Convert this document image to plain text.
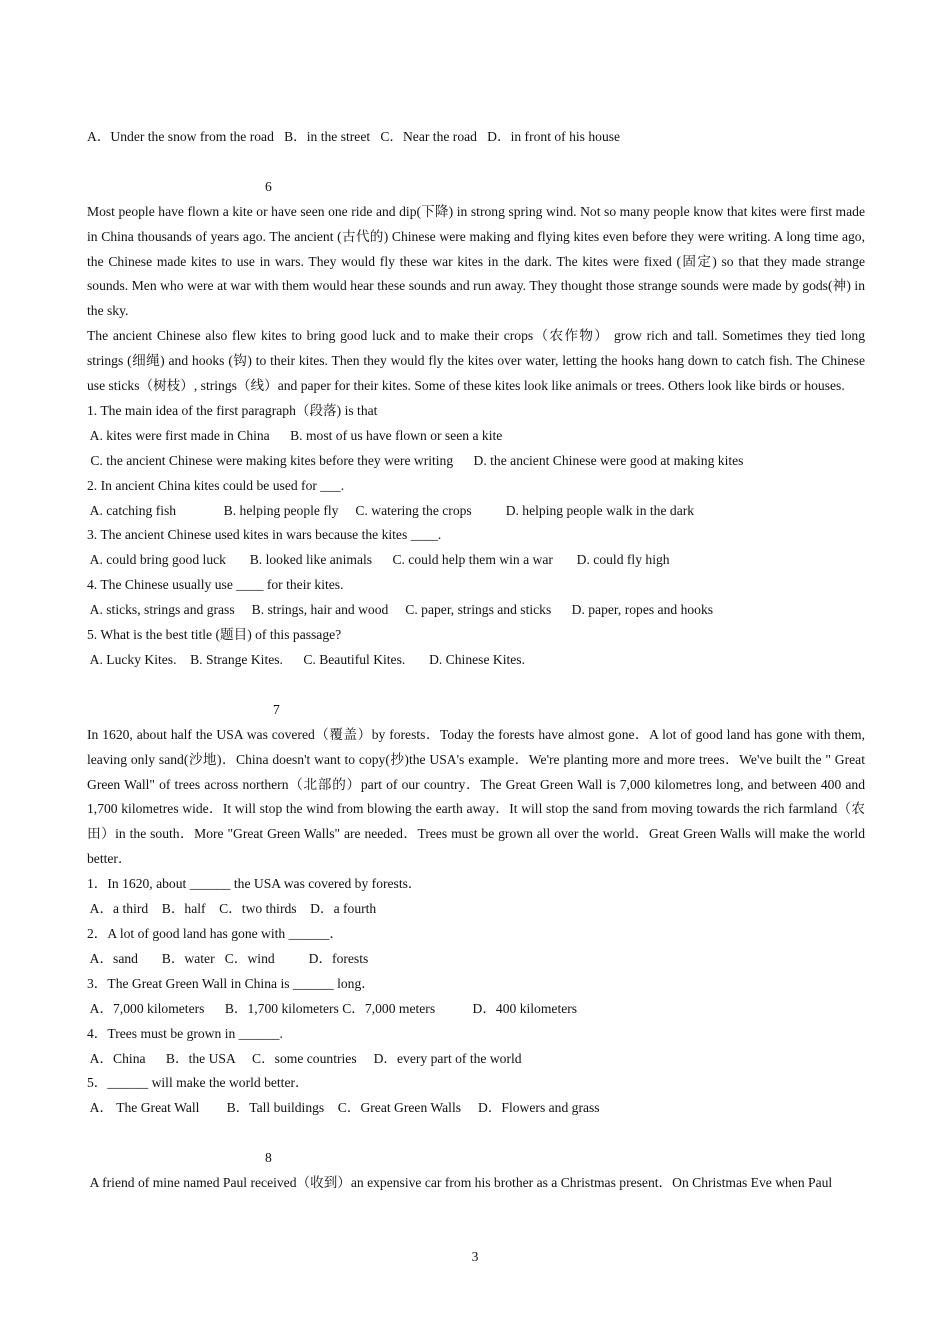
A．Under the snow from the road   B．in the street   C．Near the road   D．in front of his house
6
Most people have flown a kite or have seen one ride and dip(下降) in strong spring wind. Not so many people know that kites were first made in China thousands of years ago. The ancient (古代的) Chinese were making and flying kites even before they were writing. A long time ago, the Chinese made kites to use in wars. They would fly these war kites in the dark. The kites were fixed (固定) so that they made strange sounds. Men who were at war with them would hear these sounds and run away. They thought those strange sounds were made by gods(神) in the sky.
The ancient Chinese also flew kites to bring good luck and to make their crops（农作物） grow rich and tall. Sometimes they tied long strings (细绳) and hooks (钩) to their kites. Then they would fly the kites over water, letting the hooks hang down to catch fish. The Chinese use sticks（树枝）, strings（线）and paper for their kites. Some of these kites look like animals or trees. Others look like birds or houses.
1. The main idea of the first paragraph（段落) is that
A. kites were first made in China      B. most of us have flown or seen a kite
C. the ancient Chinese were making kites before they were writing      D. the ancient Chinese were good at making kites
2. In ancient China kites could be used for ___.
A. catching fish              B. helping people fly     C. watering the crops          D. helping people walk in the dark
3. The ancient Chinese used kites in wars because the kites ____.
A. could bring good luck       B. looked like animals      C. could help them win a war       D. could fly high
4. The Chinese usually use ____ for their kites.
A. sticks, strings and grass     B. strings, hair and wood     C. paper, strings and sticks      D. paper, ropes and hooks
5. What is the best title (题目) of this passage?
A. Lucky Kites.    B. Strange Kites.      C. Beautiful Kites.       D. Chinese Kites.
7
In 1620, about half the USA was covered（覆盖）by forests．Today the forests have almost gone．A lot of good land has gone with them, leaving only sand(沙地)．China doesn't want to copy(抄)the USA's example．We're planting more and more trees．We've built the " Great Green Wall" of trees across northern（北部的）part of our country．The Great Green Wall is 7,000 kilometres long, and between 400 and 1,700 kilometres wide．It will stop the wind from blowing the earth away．It will stop the sand from moving towards the rich farmland（农田）in the south．More "Great Green Walls" are needed．Trees must be grown all over the world．Great Green Walls will make the world better．
1．In 1620, about ______ the USA was covered by forests．
A．a third    B．half    C．two thirds    D．a fourth
2．A lot of good land has gone with ______．
A．sand       B．water   C．wind          D．forests
3．The Great Green Wall in China is ______ long．
A．7,000 kilometers      B．1,700 kilometers C．7,000 meters           D．400 kilometers
4．Trees must be grown in ______.
A．China      B．the USA     C．some countries     D．every part of the world
5．______ will make the world better．
A． The Great Wall        B．Tall buildings    C．Great Green Walls     D．Flowers and grass
8
A friend of mine named Paul received（收到）an expensive car from his brother as a Christmas present．On Christmas Eve when Paul
3
